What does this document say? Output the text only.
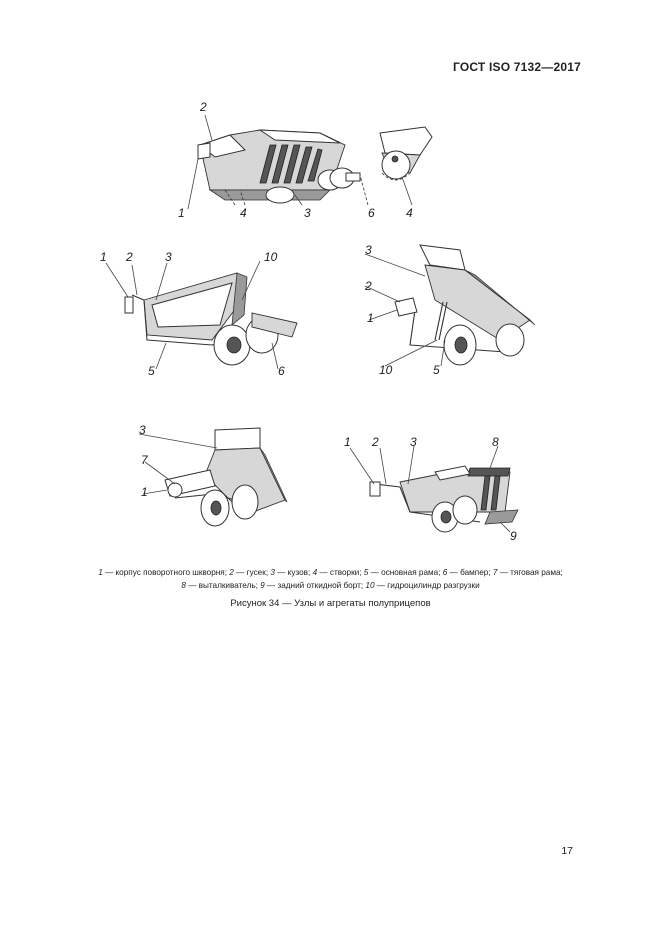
ГОСТ ISO 7132—2017
2
1	4	3	6	4
1 2	3	10
5	6
3
2
1
10	5
3
7
1
1 2	3	8
9
1 — корпус поворотного шкворня; 2 — гусек; 3 — кузов; 4 — створки; 5 — основная рама; 6 — бампер; 7 — тяговая рама;
8 — выталкиватель; 9 — задний откидной борт; 10 — гидроцилиндр разгрузки
Рисунок 34 — Узлы и агрегаты полуприцепов
17
